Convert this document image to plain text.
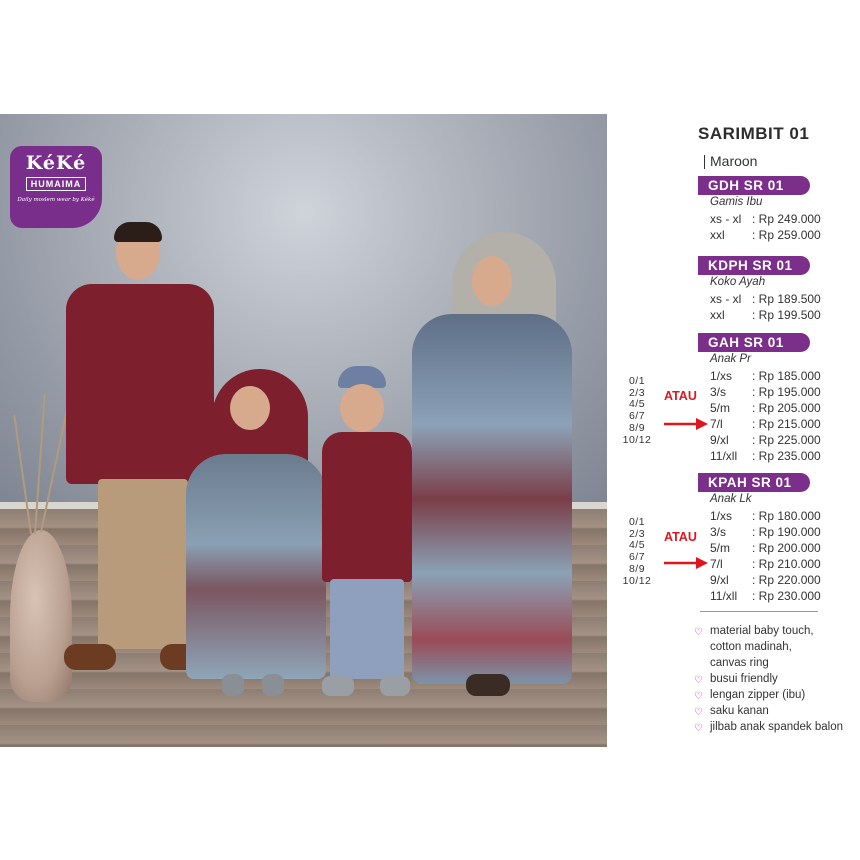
KéKé
HUMAIMA
Daily moslem wear by Kéké
SARIMBIT 01
Maroon
GDH SR 01
Gamis Ibu
xs - xl : Rp 249.000
xxl : Rp 259.000
KDPH SR 01
Koko Ayah
xs - xl : Rp 189.500
xxl : Rp 199.500
GAH SR 01
Anak Pr
1/xs : Rp 185.000
3/s : Rp 195.000
5/m : Rp 205.000
7/l : Rp 215.000
9/xl : Rp 225.000
11/xll : Rp 235.000
0/1
2/3
4/5
6/7
8/9
10/12
ATAU
KPAH SR 01
Anak Lk
1/xs : Rp 180.000
3/s : Rp 190.000
5/m : Rp 200.000
7/l : Rp 210.000
9/xl : Rp 220.000
11/xll : Rp 230.000
0/1
2/3
4/5
6/7
8/9
10/12
ATAU
♡ material baby touch,
cotton madinah,
canvas ring
♡ busui friendly
♡ lengan zipper (ibu)
♡ saku kanan
♡ jilbab anak spandek balon
